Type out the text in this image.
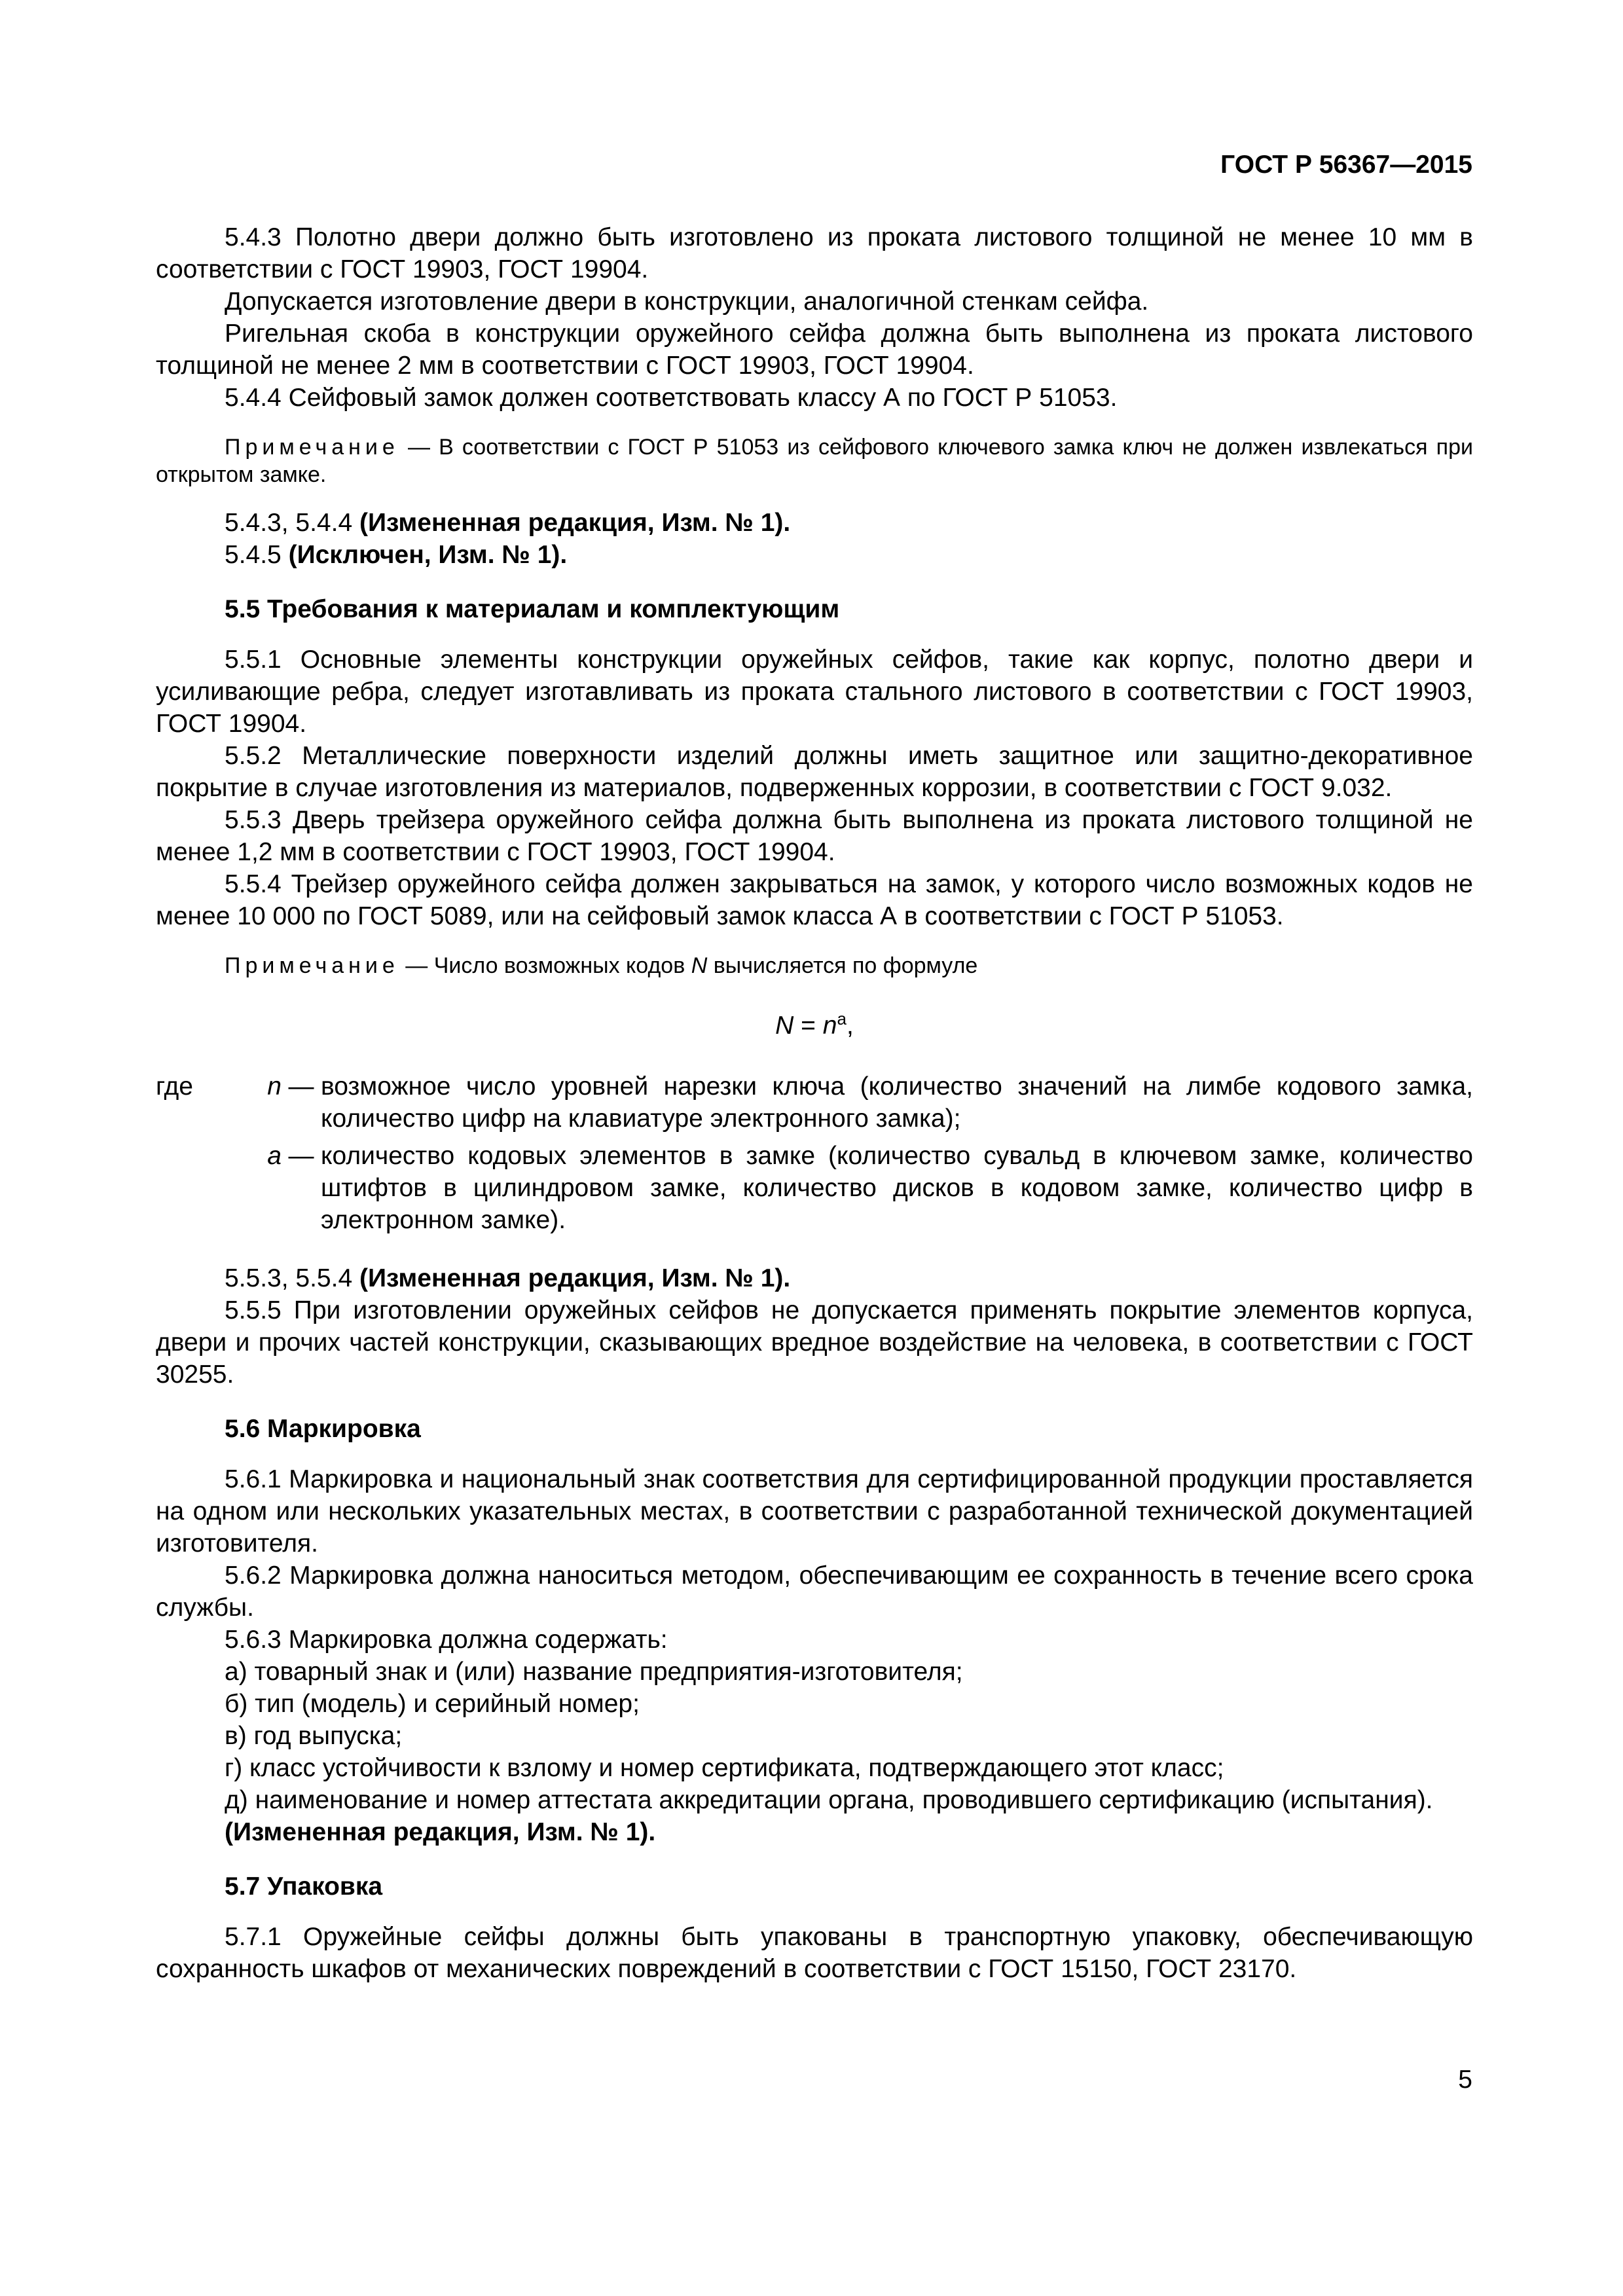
ГОСТ Р 56367—2015

5.4.3 Полотно двери должно быть изготовлено из проката листового толщиной не менее 10 мм в соответствии с ГОСТ 19903, ГОСТ 19904.

Допускается изготовление двери в конструкции, аналогичной стенкам сейфа.

Ригельная скоба в конструкции оружейного сейфа должна быть выполнена из проката листового толщиной не менее 2 мм в соответствии с ГОСТ 19903, ГОСТ 19904.

5.4.4 Сейфовый замок должен соответствовать классу А по ГОСТ Р 51053.

Примечание — В соответствии с ГОСТ Р 51053 из сейфового ключевого замка ключ не должен извлекаться при открытом замке.

5.4.3, 5.4.4 (Измененная редакция, Изм. № 1).

5.4.5 (Исключен, Изм. № 1).

5.5 Требования к материалам и комплектующим

5.5.1 Основные элементы конструкции оружейных сейфов, такие как корпус, полотно двери и усиливающие ребра, следует изготавливать из проката стального листового в соответствии с ГОСТ 19903, ГОСТ 19904.

5.5.2 Металлические поверхности изделий должны иметь защитное или защитно-декоративное покрытие в случае изготовления из материалов, подверженных коррозии, в соответствии с ГОСТ 9.032.

5.5.3 Дверь трейзера оружейного сейфа должна быть выполнена из проката листового толщиной не менее 1,2 мм в соответствии с ГОСТ 19903, ГОСТ 19904.

5.5.4 Трейзер оружейного сейфа должен закрываться на замок, у которого число возможных кодов не менее 10 000 по ГОСТ 5089, или на сейфовый замок класса А в соответствии с ГОСТ Р 51053.

Примечание — Число возможных кодов N вычисляется по формуле

$N = n^a$,

где	n — возможное число уровней нарезки ключа (количество значений на лимбе кодового замка, количество цифр на клавиатуре электронного замка);
a — количество кодовых элементов в замке (количество сувальд в ключевом замке, количество штифтов в цилиндровом замке, количество дисков в кодовом замке, количество цифр в электронном замке).

5.5.3, 5.5.4 (Измененная редакция, Изм. № 1).

5.5.5 При изготовлении оружейных сейфов не допускается применять покрытие элементов корпуса, двери и прочих частей конструкции, сказывающих вредное воздействие на человека, в соответствии с ГОСТ 30255.

5.6 Маркировка

5.6.1 Маркировка и национальный знак соответствия для сертифицированной продукции проставляется на одном или нескольких указательных местах, в соответствии с разработанной технической документацией изготовителя.

5.6.2 Маркировка должна наноситься методом, обеспечивающим ее сохранность в течение всего срока службы.

5.6.3 Маркировка должна содержать:

а) товарный знак и (или) название предприятия-изготовителя;

б) тип (модель) и серийный номер;

в) год выпуска;

г) класс устойчивости к взлому и номер сертификата, подтверждающего этот класс;

д) наименование и номер аттестата аккредитации органа, проводившего сертификацию (испытания).

(Измененная редакция, Изм. № 1).

5.7 Упаковка

5.7.1 Оружейные сейфы должны быть упакованы в транспортную упаковку, обеспечивающую сохранность шкафов от механических повреждений в соответствии с ГОСТ 15150, ГОСТ 23170.

5
